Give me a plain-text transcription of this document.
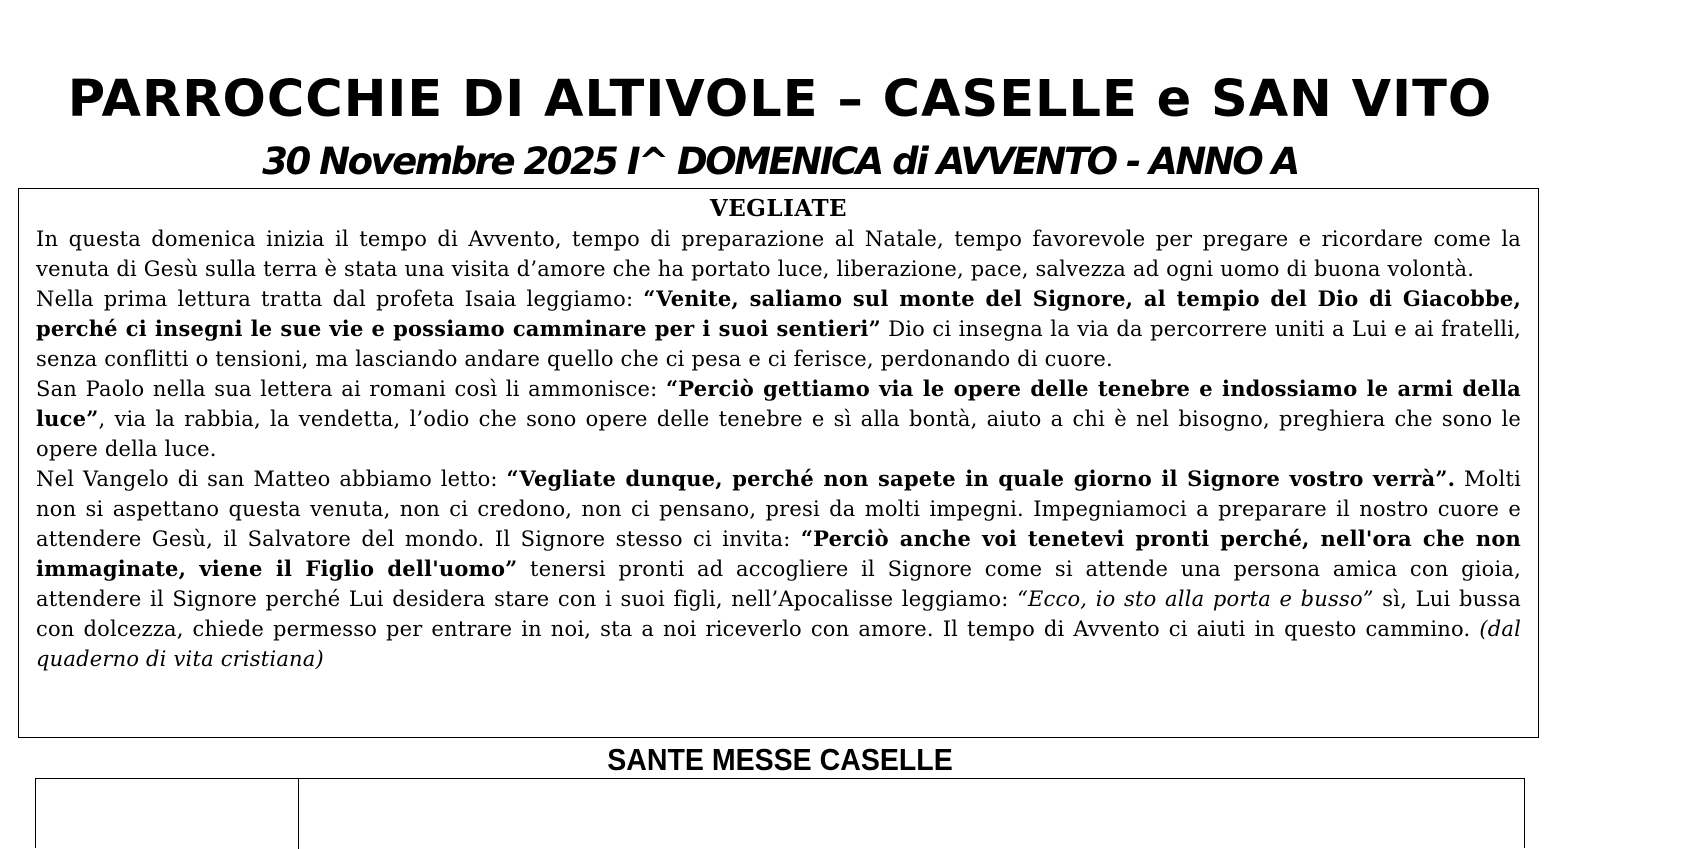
PARROCCHIE DI ALTIVOLE – CASELLE e SAN VITO
30 Novembre 2025 I^ DOMENICA di AVVENTO - ANNO A

VEGLIATE

In questa domenica inizia il tempo di Avvento, tempo di preparazione al Natale, tempo favorevole per pregare e ricordare come la venuta di Gesù sulla terra è stata una visita d’amore che ha portato luce, liberazione, pace, salvezza ad ogni uomo di buona volontà.

Nella prima lettura tratta dal profeta Isaia leggiamo: “Venite, saliamo sul monte del Signore, al tempio del Dio di Giacobbe, perché ci insegni le sue vie e possiamo camminare per i suoi sentieri” Dio ci insegna la via da percorrere uniti a Lui e ai fratelli, senza conflitti o tensioni, ma lasciando andare quello che ci pesa e ci ferisce, perdonando di cuore.

San Paolo nella sua lettera ai romani così li ammonisce: “Perciò gettiamo via le opere delle tenebre e indossiamo le armi della luce”, via la rabbia, la vendetta, l’odio che sono opere delle tenebre e sì alla bontà, aiuto a chi è nel bisogno, preghiera che sono le opere della luce.

Nel Vangelo di san Matteo abbiamo letto: “Vegliate dunque, perché non sapete in quale giorno il Signore vostro verrà”. Molti non si aspettano questa venuta, non ci credono, non ci pensano, presi da molti impegni. Impegniamoci a preparare il nostro cuore e attendere Gesù, il Salvatore del mondo. Il Signore stesso ci invita: “Perciò anche voi tenetevi pronti perché, nell'ora che non immaginate, viene il Figlio dell'uomo” tenersi pronti ad accogliere il Signore come si attende una persona amica con gioia, attendere il Signore perché Lui desidera stare con i suoi figli, nell’Apocalisse leggiamo: “Ecco, io sto alla porta e busso” sì, Lui bussa con dolcezza, chiede permesso per entrare in noi, sta a noi riceverlo con amore. Il tempo di Avvento ci aiuti in questo cammino. (dal quaderno di vita cristiana)

SANTE MESSE CASELLE
